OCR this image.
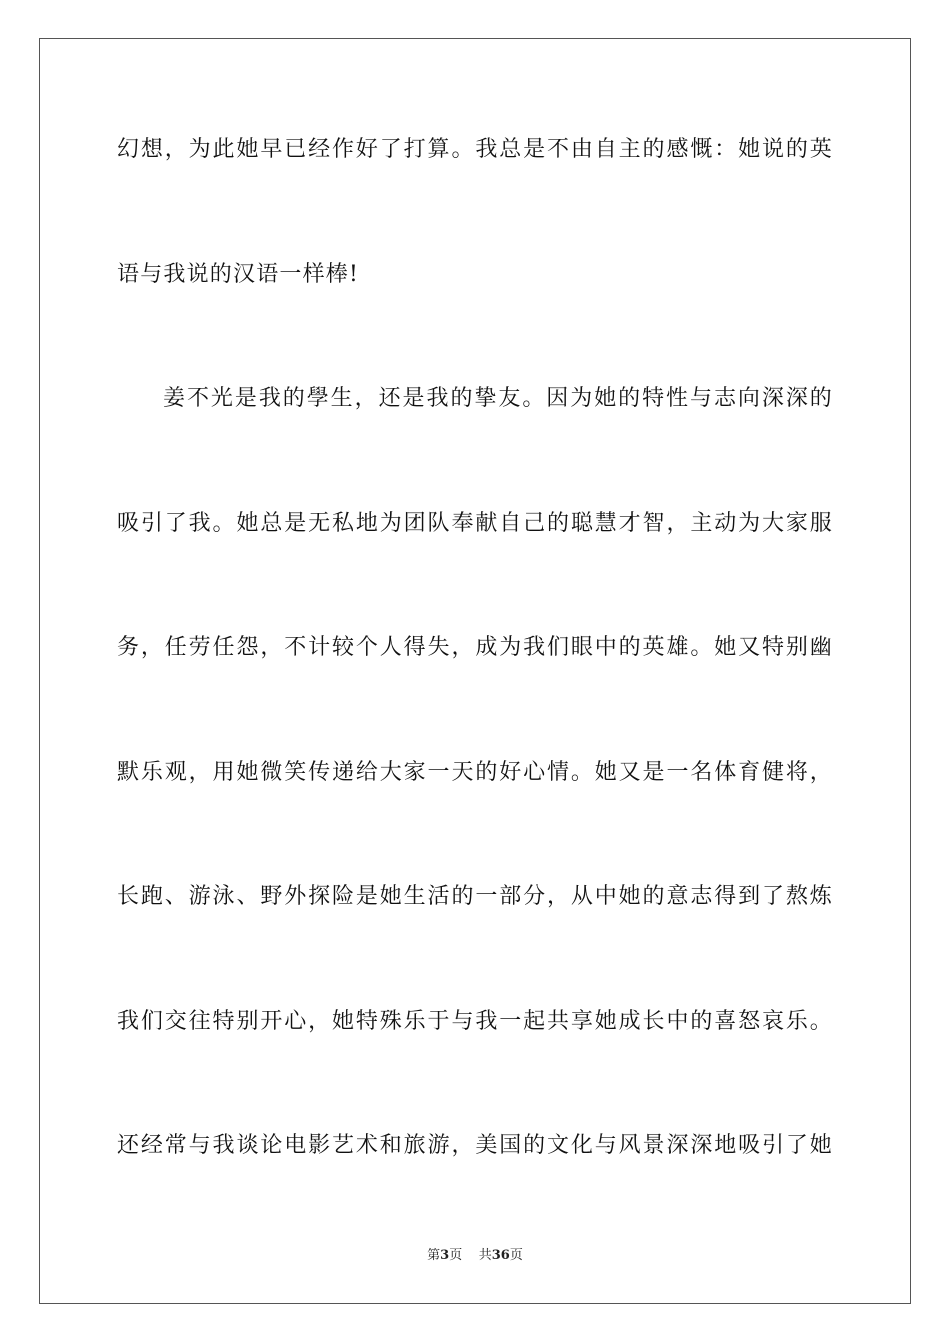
幻想，为此她早已经作好了打算。我总是不由自主的感慨：她说的英
语与我说的汉语一样棒!
姜不光是我的學生，还是我的挚友。因为她的特性与志向深深的
吸引了我。她总是无私地为团队奉献自己的聪慧才智，主动为大家服
务，任劳任怨，不计较个人得失，成为我们眼中的英雄。她又特别幽
默乐观，用她微笑传递给大家一天的好心情。她又是一名体育健将，
长跑、游泳、野外探险是她生活的一部分，从中她的意志得到了熬炼
我们交往特别开心，她特殊乐于与我一起共享她成长中的喜怒哀乐。
还经常与我谈论电影艺术和旅游，美国的文化与风景深深地吸引了她
第3页 共36页
